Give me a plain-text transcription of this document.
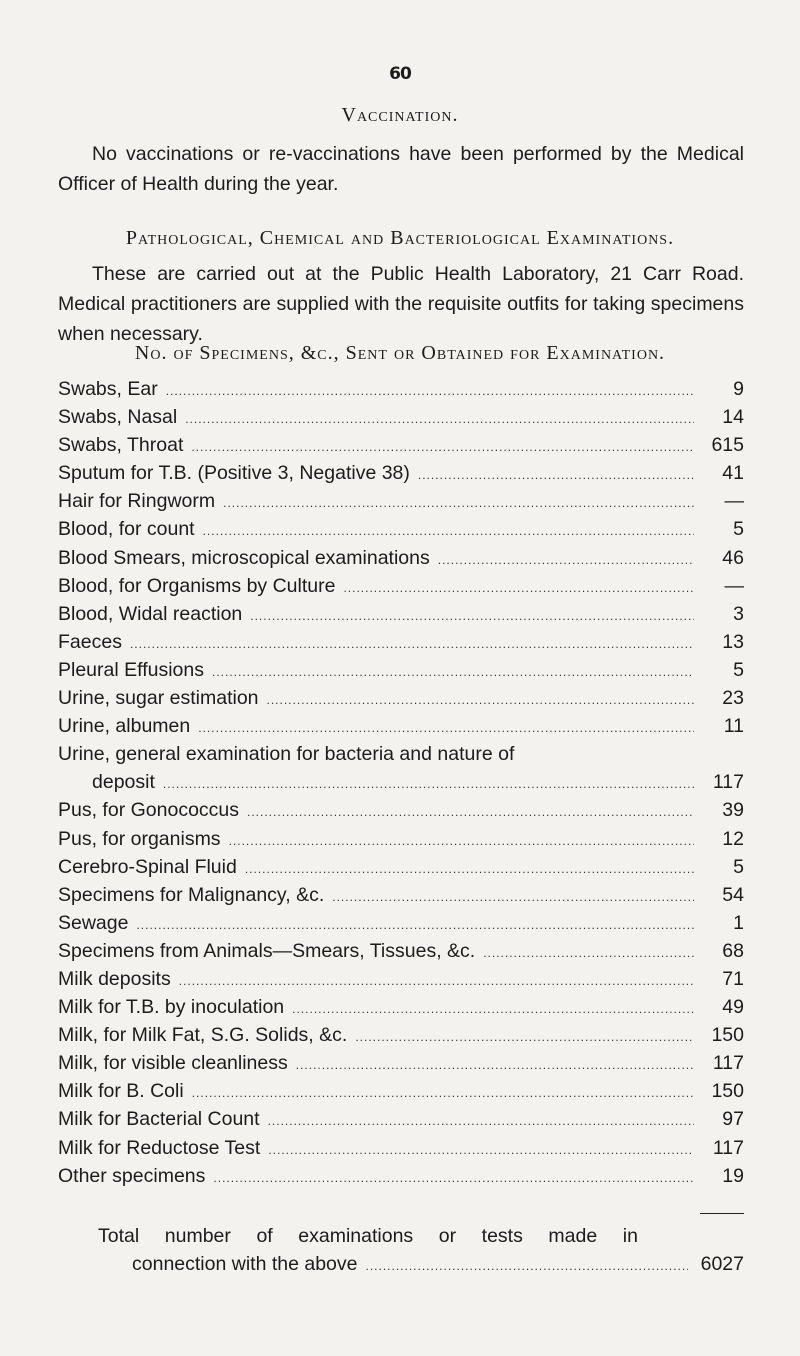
60
Vaccination.
No vaccinations or re-vaccinations have been performed by the Medical Officer of Health during the year.
Pathological, Chemical and Bacteriological Examinations.
These are carried out at the Public Health Laboratory, 21 Carr Road. Medical practitioners are supplied with the requisite outfits for taking specimens when necessary.
No. of Specimens, &c., Sent or Obtained for Examination.
Swabs, Ear .....	9
Swabs, Nasal .....	14
Swabs, Throat .....	615
Sputum for T.B. (Positive 3, Negative 38) .....	41
Hair for Ringworm .....	—
Blood, for count .....	5
Blood Smears, microscopical examinations .....	46
Blood, for Organisms by Culture .....	—
Blood, Widal reaction .....	3
Faeces .....	13
Pleural Effusions .....	5
Urine, sugar estimation .....	23
Urine, albumen .....	11
Urine, general examination for bacteria and nature of
deposit .....	117
Pus, for Gonococcus .....	39
Pus, for organisms .....	12
Cerebro-Spinal Fluid .....	5
Specimens for Malignancy, &c. .....	54
Sewage .....	1
Specimens from Animals—Smears, Tissues, &c. .....	68
Milk deposits .....	71
Milk for T.B. by inoculation .....	49
Milk, for Milk Fat, S.G. Solids, &c. .....	150
Milk, for visible cleanliness .....	117
Milk for B. Coli .....	150
Milk for Bacterial Count .....	97
Milk for Reductose Test .....	117
Other specimens .....	19
Total number of examinations or tests made in
connection with the above .....	6027
